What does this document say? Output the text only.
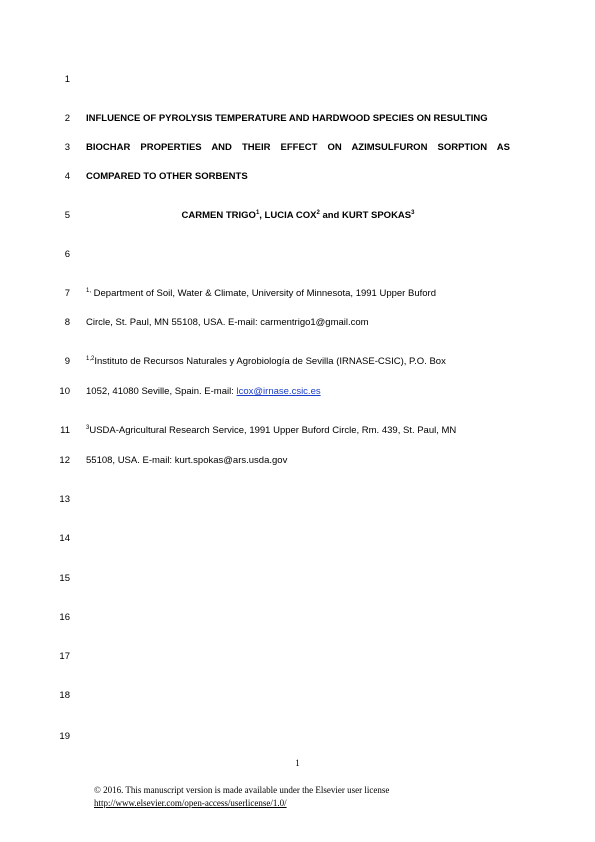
1
2
3
4
5
6
7
8
9
10
11
12
13
14
15
16
17
18
19
INFLUENCE OF PYROLYSIS TEMPERATURE AND HARDWOOD SPECIES ON RESULTING
BIOCHAR PROPERTIES AND THEIR EFFECT ON AZIMSULFURON SORPTION AS
COMPARED TO OTHER SORBENTS
CARMEN TRIGO$^1$, LUCIA COX$^2$ and KURT SPOKAS$^3$
$^{1,}$ Department of Soil, Water & Climate, University of Minnesota, 1991 Upper Buford
Circle, St. Paul, MN 55108, USA. E-mail: carmentrigo1@gmail.com
$^{1,2}$Instituto de Recursos Naturales y Agrobiología de Sevilla (IRNASE-CSIC), P.O. Box
1052, 41080 Seville, Spain. E-mail: lcox@irnase.csic.es
$^3$USDA-Agricultural Research Service, 1991 Upper Buford Circle, Rm. 439, St. Paul, MN
55108, USA. E-mail: kurt.spokas@ars.usda.gov
1
© 2016. This manuscript version is made available under the Elsevier user license
http://www.elsevier.com/open-access/userlicense/1.0/
